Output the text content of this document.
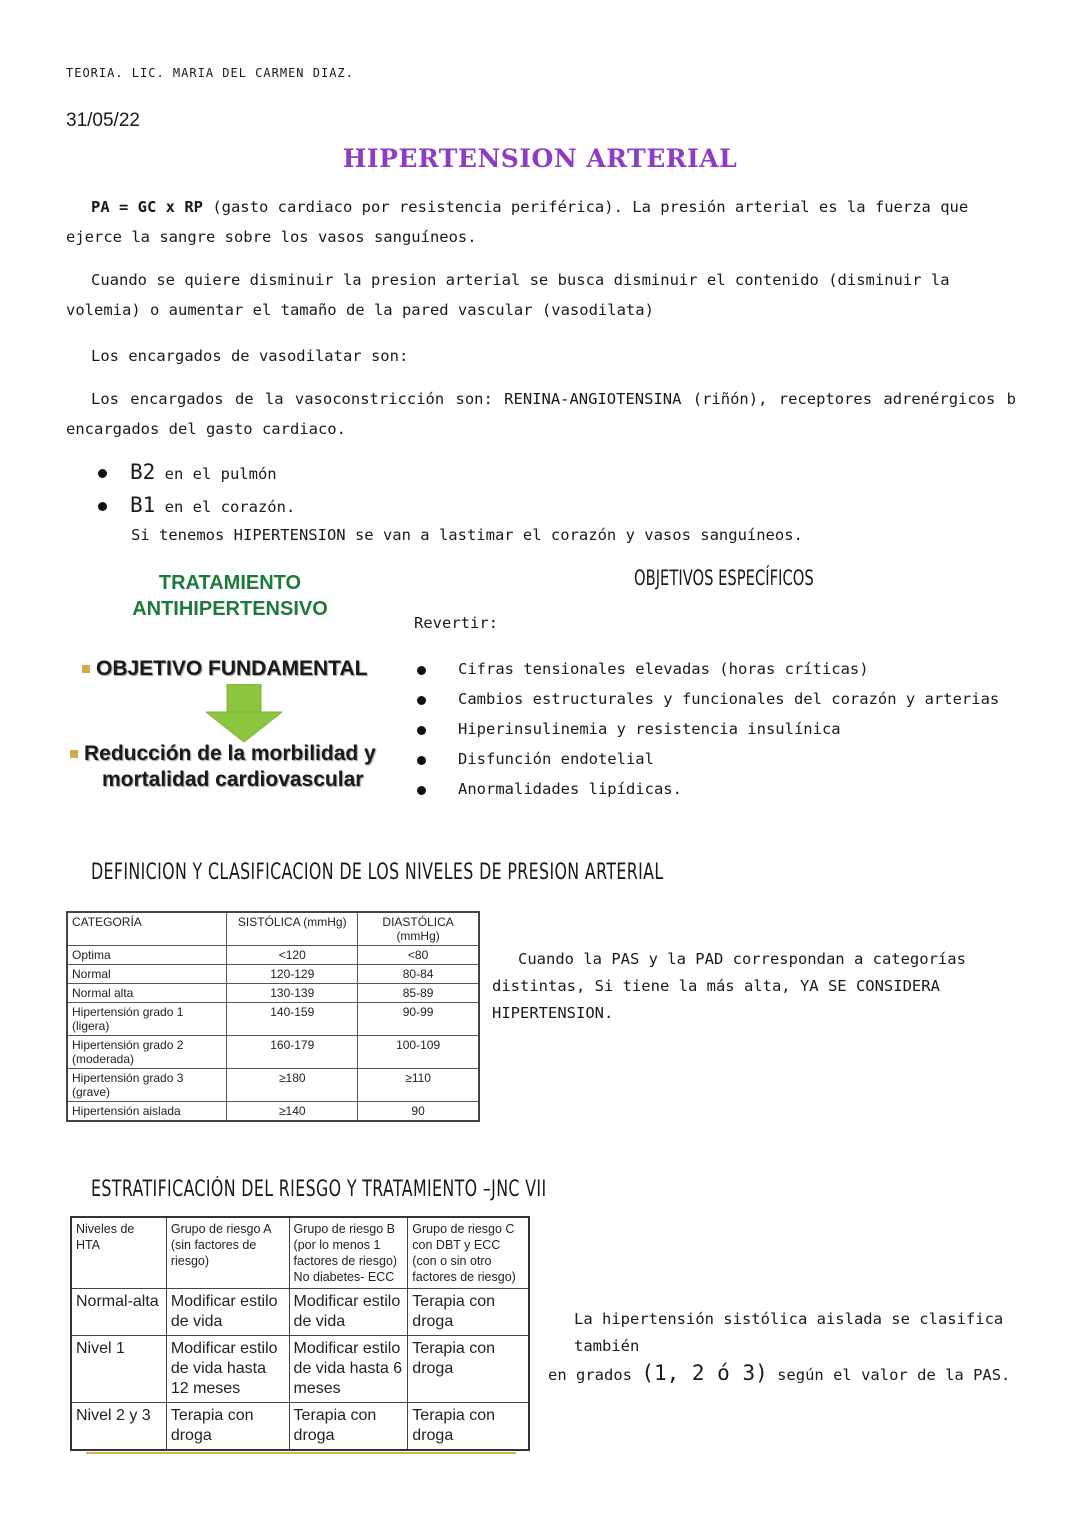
TEORIA. LIC. MARIA DEL CARMEN DIAZ.
31/05/22
HIPERTENSION ARTERIAL
PA = GC x RP (gasto cardiaco por resistencia periférica). La presión arterial es la fuerza que ejerce la sangre sobre los vasos sanguíneos.
Cuando se quiere disminuir la presion arterial se busca disminuir el contenido (disminuir la volemia) o aumentar el tamaño de la pared vascular (vasodilata)
Los encargados de vasodilatar son:
Los encargados de la vasoconstricción son: RENINA-ANGIOTENSINA (riñón), receptores adrenérgicos b encargados del gasto cardiaco.
B2 en el pulmón
B1 en el corazón.
Si tenemos HIPERTENSION se van a lastimar el corazón y vasos sanguíneos.
TRATAMIENTO
ANTIHIPERTENSIVO
OBJETIVO FUNDAMENTAL
Reducción de la morbilidad y
mortalidad cardiovascular
OBJETIVOS ESPECÍFICOS
Revertir:
Cifras tensionales elevadas (horas críticas)
Cambios estructurales y funcionales del corazón y arterias
Hiperinsulinemia y resistencia insulínica
Disfunción endotelial
Anormalidades lipídicas.
DEFINICION Y CLASIFICACION DE LOS NIVELES DE PRESION ARTERIAL
CATEGORÍA	SISTÓLICA (mmHg)	DIASTÓLICA (mmHg)
Optima	<120	<80
Normal	120-129	80-84
Normal alta	130-139	85-89
Hipertensión grado 1 (ligera)	140-159	90-99
Hipertensión grado 2 (moderada)	160-179	100-109
Hipertensión grado 3 (grave)	≥180	≥110
Hipertensión aislada	≥140	90
Cuando la PAS y la PAD correspondan a categorías distintas, Si tiene la más alta, YA SE CONSIDERA HIPERTENSION.
ESTRATIFICACIÓN DEL RIESGO Y TRATAMIENTO –JNC VII
Niveles de HTA	Grupo de riesgo A (sin factores de riesgo)	Grupo de riesgo B (por lo menos 1 factores de riesgo) No diabetes- ECC	Grupo de riesgo C con DBT y ECC (con o sin otro factores de riesgo)
Normal-alta	Modificar estilo de vida	Modificar estilo de vida	Terapia con droga
Nivel 1	Modificar estilo de vida hasta 12 meses	Modificar estilo de vida hasta 6 meses	Terapia con droga
Nivel 2 y 3	Terapia con droga	Terapia con droga	Terapia con droga
La hipertensión sistólica aislada se clasifica también
en grados (1, 2 ó 3) según el valor de la PAS.
